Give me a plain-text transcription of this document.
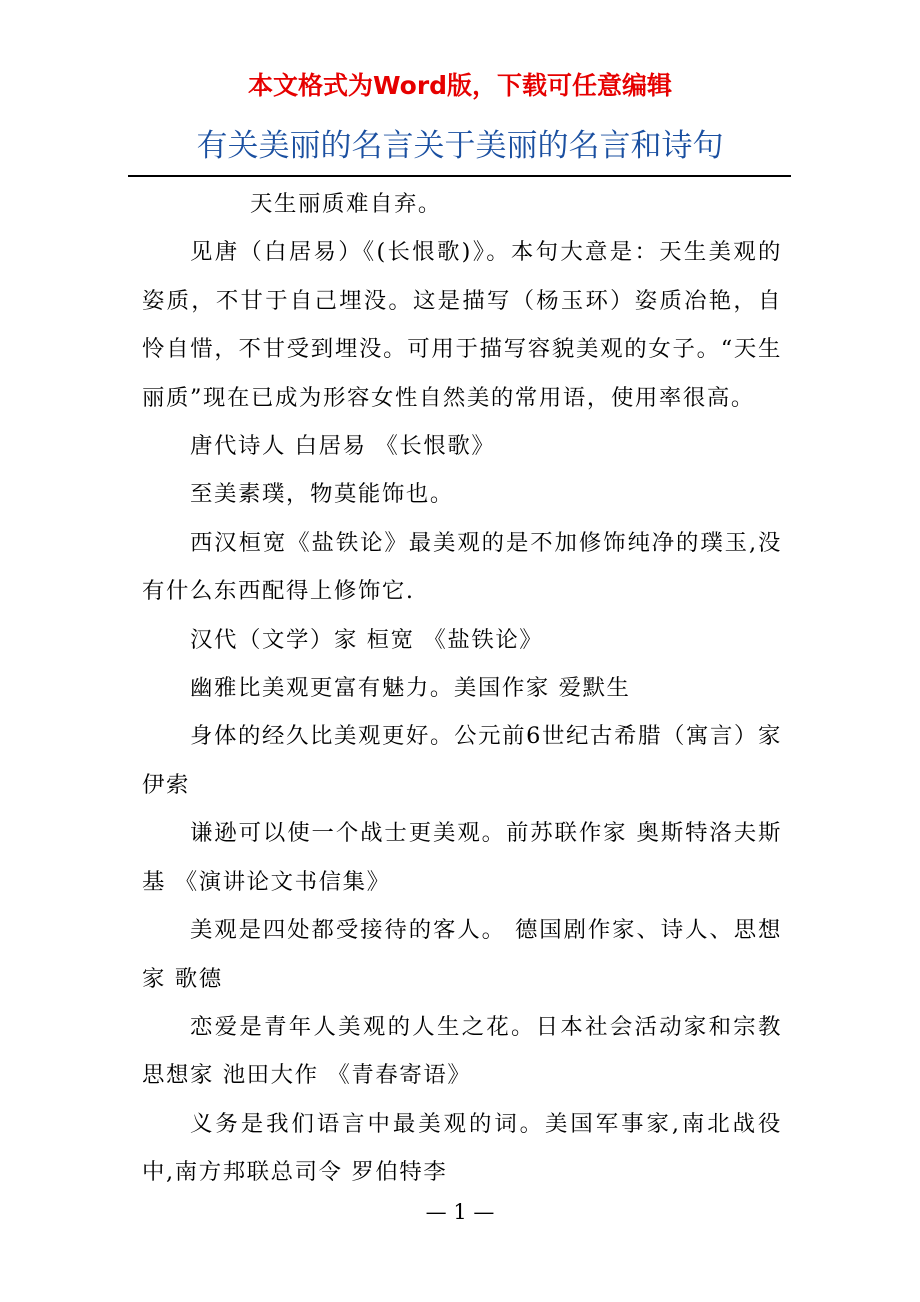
本文格式为Word版，下载可任意编辑
有关美丽的名言关于美丽的名言和诗句

天生丽质难自弃。

见唐（白居易）《(长恨歌)》。本句大意是：天生美观的姿质，不甘于自己埋没。这是描写（杨玉环）姿质冶艳，自怜自惜，不甘受到埋没。可用于描写容貌美观的女子。“天生丽质”现在已成为形容女性自然美的常用语，使用率很高。

唐代诗人 白居易 《长恨歌》

至美素璞，物莫能饰也。

西汉桓宽《盐铁论》最美观的是不加修饰纯净的璞玉,没有什么东西配得上修饰它.

汉代（文学）家 桓宽 《盐铁论》

幽雅比美观更富有魅力。美国作家 爱默生

身体的经久比美观更好。公元前6世纪古希腊（寓言）家 伊索

谦逊可以使一个战士更美观。前苏联作家 奥斯特洛夫斯基 《演讲论文书信集》

美观是四处都受接待的客人。 德国剧作家、诗人、思想家 歌德

恋爱是青年人美观的人生之花。日本社会活动家和宗教思想家 池田大作 《青春寄语》

义务是我们语言中最美观的词。美国军事家,南北战役中,南方邦联总司令 罗伯特李

— 1 —
